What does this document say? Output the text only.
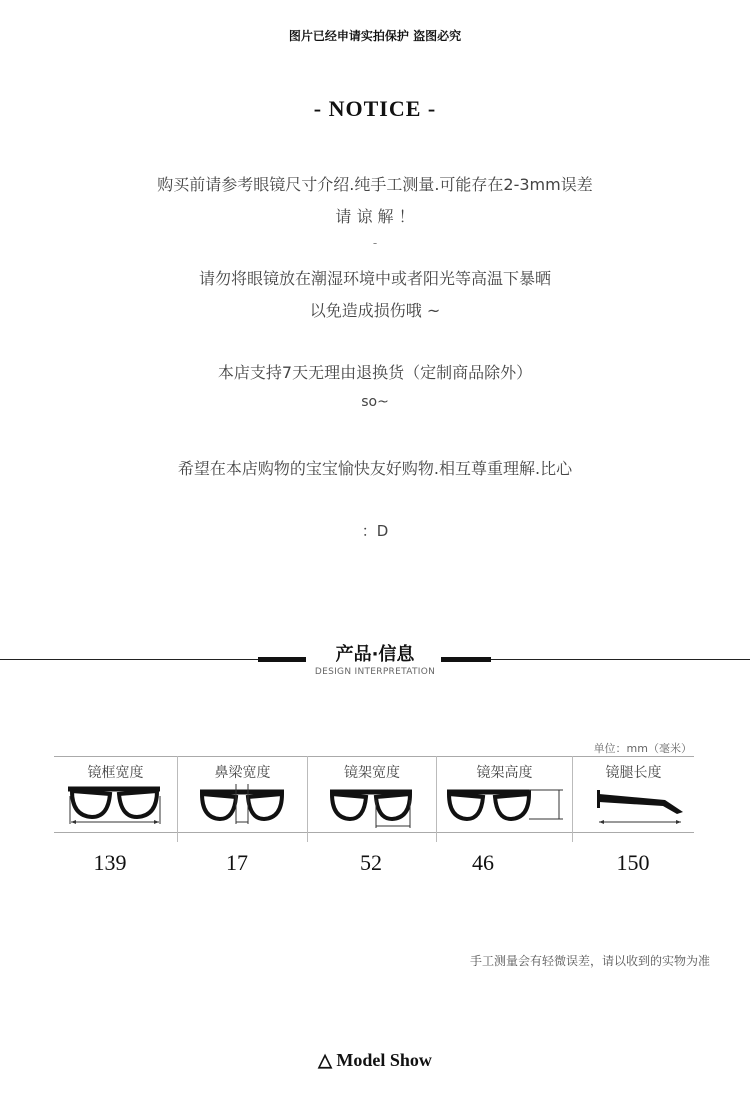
图片已经申请实拍保护 盗图必究
- NOTICE -
购买前请参考眼镜尺寸介绍.纯手工测量.可能存在2-3mm误差
请 谅 解 ！
-
请勿将眼镜放在潮湿环境中或者阳光等高温下暴晒
以免造成损伤哦 ~
本店支持7天无理由退换货（定制商品除外）
so~
希望在本店购物的宝宝愉快友好购物.相互尊重理解.比心
：D
产品·信息
DESIGN INTERPRETATION
单位：mm（毫米）
镜框宽度	鼻梁宽度	镜架宽度	镜架高度	镜腿长度
139	17	52	46	150
手工测量会有轻微误差，请以收到的实物为准
△ Model Show
